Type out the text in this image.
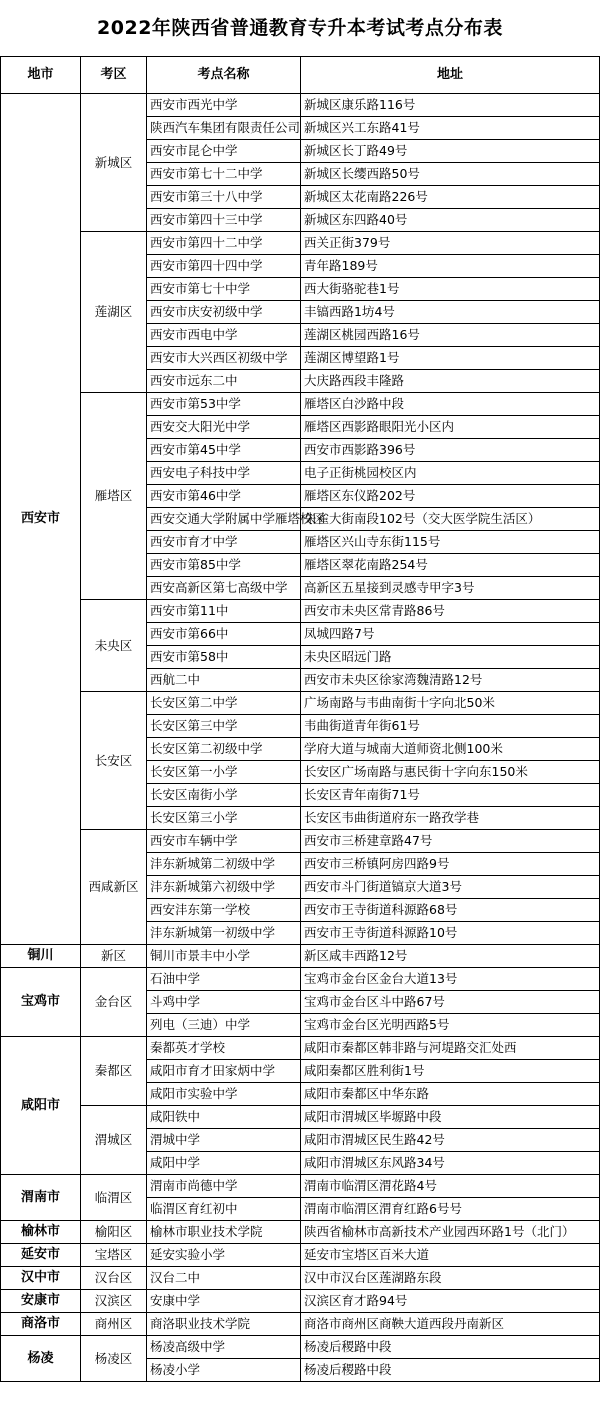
2022年陕西省普通教育专升本考试考点分布表
地市	考区	考点名称	地址
西安市	新城区	西安市西光中学	新城区康乐路116号
		陕西汽车集团有限责任公司	新城区兴工东路41号
		西安市昆仑中学	新城区长丁路49号
		西安市第七十二中学	新城区长缨西路50号
		西安市第三十八中学	新城区太花南路226号
		西安市第四十三中学	新城区东四路40号
	莲湖区	西安市第四十二中学	西关正街379号
		西安市第四十四中学	青年路189号
		西安市第七十中学	西大街骆驼巷1号
		西安市庆安初级中学	丰镐西路1坊4号
		西安市西电中学	莲湖区桃园西路16号
		西安市大兴西区初级中学	莲湖区博望路1号
		西安市远东二中	大庆路西段丰隆路
	雁塔区	西安市第53中学	雁塔区白沙路中段
		西安交大阳光中学	雁塔区西影路眼阳光小区内
		西安市第45中学	西安市西影路396号
		西安电子科技中学	电子正街桃园校区内
		西安市第46中学	雁塔区东仪路202号
		西安交通大学附属中学雁塔校区	朱雀大街南段102号（交大医学院生活区）
		西安市育才中学	雁塔区兴山寺东街115号
		西安市第85中学	雁塔区翠花南路254号
		西安高新区第七高级中学	高新区五星接到灵感寺甲字3号
	未央区	西安市第11中	西安市未央区常青路86号
		西安市第66中	凤城四路7号
		西安市第58中	未央区昭远门路
		西航二中	西安市未央区徐家湾魏清路12号
	长安区	长安区第二中学	广场南路与韦曲南街十字向北50米
		长安区第三中学	韦曲街道青年街61号
		长安区第二初级中学	学府大道与城南大道师资北侧100米
		长安区第一小学	长安区广场南路与惠民街十字向东150米
		长安区南街小学	长安区青年南街71号
		长安区第三小学	长安区韦曲街道府东一路孜学巷
	西咸新区	西安市车辆中学	西安市三桥建章路47号
		沣东新城第二初级中学	西安市三桥镇阿房四路9号
		沣东新城第六初级中学	西安市斗门街道镐京大道3号
		西安沣东第一学校	西安市王寺街道科源路68号
		沣东新城第一初级中学	西安市王寺街道科源路10号
铜川	新区	铜川市景丰中小学	新区咸丰西路12号
宝鸡市	金台区	石油中学	宝鸡市金台区金台大道13号
		斗鸡中学	宝鸡市金台区斗中路67号
		列电（三迪）中学	宝鸡市金台区光明西路5号
咸阳市	秦都区	秦都英才学校	咸阳市秦都区韩非路与河堤路交汇处西
		咸阳市育才田家炳中学	咸阳秦都区胜利街1号
		咸阳市实验中学	咸阳市秦都区中华东路
	渭城区	咸阳铁中	咸阳市渭城区毕塬路中段
		渭城中学	咸阳市渭城区民生路42号
		咸阳中学	咸阳市渭城区东风路34号
渭南市	临渭区	渭南市尚德中学	渭南市临渭区渭花路4号
		临渭区育红初中	渭南市临渭区渭育红路6号号
榆林市	榆阳区	榆林市职业技术学院	陕西省榆林市高新技术产业园西环路1号（北门）
延安市	宝塔区	延安实验小学	延安市宝塔区百米大道
汉中市	汉台区	汉台二中	汉中市汉台区莲湖路东段
安康市	汉滨区	安康中学	汉滨区育才路94号
商洛市	商州区	商洛职业技术学院	商洛市商州区商鞅大道西段丹南新区
杨凌	杨凌区	杨凌高级中学	杨凌后稷路中段
		杨凌小学	杨凌后稷路中段
